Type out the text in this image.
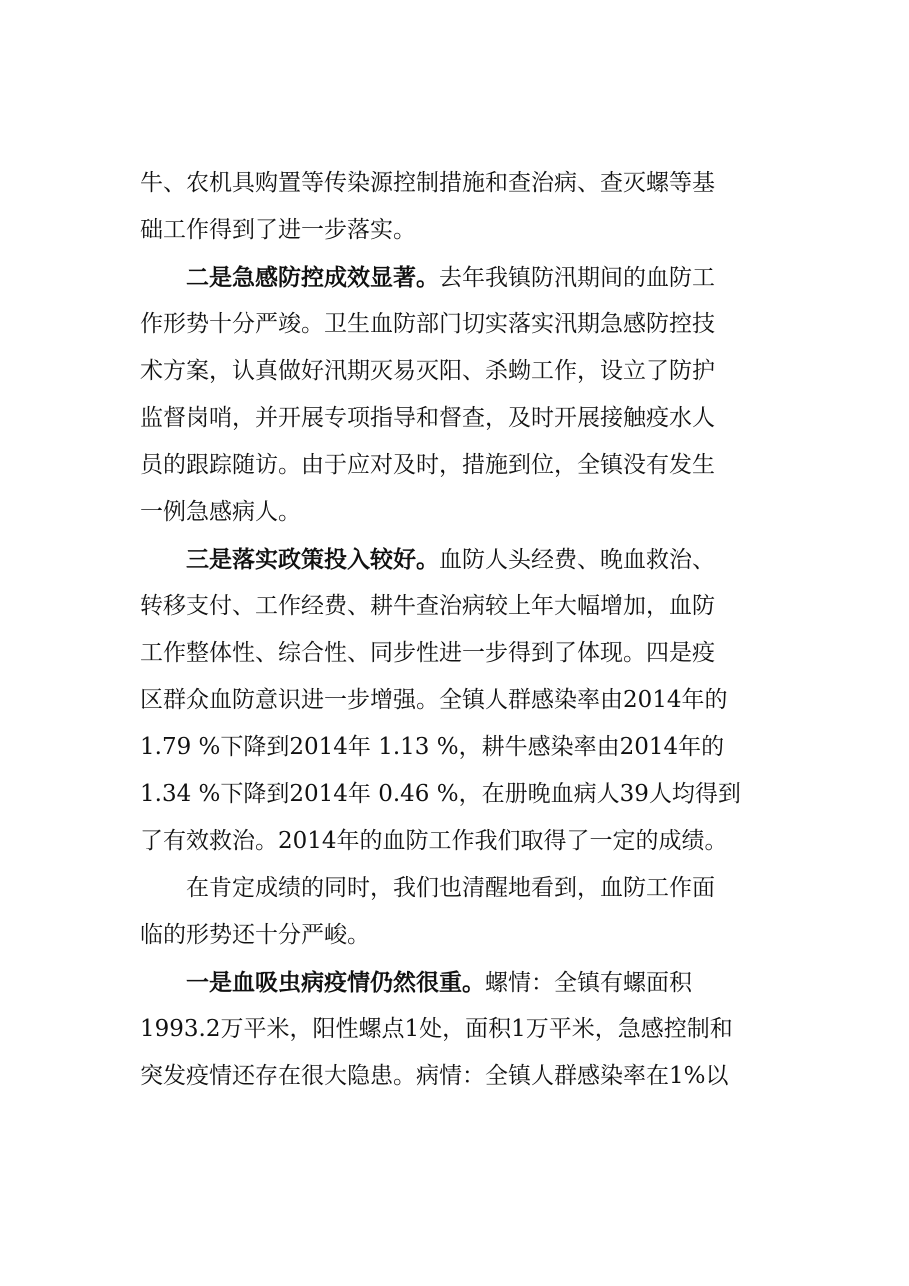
牛、农机具购置等传染源控制措施和查治病、查灭螺等基
础工作得到了进一步落实。
二是急感防控成效显著。去年我镇防汛期间的血防工
作形势十分严竣。卫生血防部门切实落实汛期急感防控技
术方案，认真做好汛期灭易灭阳、杀蚴工作，设立了防护
监督岗哨，并开展专项指导和督查，及时开展接触疫水人
员的跟踪随访。由于应对及时，措施到位，全镇没有发生
一例急感病人。
三是落实政策投入较好。血防人头经费、晚血救治、
转移支付、工作经费、耕牛查治病较上年大幅增加，血防
工作整体性、综合性、同步性进一步得到了体现。四是疫
区群众血防意识进一步增强。全镇人群感染率由2014年的
1.79 %下降到2014年 1.13 %，耕牛感染率由2014年的
1.34 %下降到2014年 0.46 %，在册晚血病人39人均得到
了有效救治。2014年的血防工作我们取得了一定的成绩。
在肯定成绩的同时，我们也清醒地看到，血防工作面
临的形势还十分严峻。
一是血吸虫病疫情仍然很重。螺情：全镇有螺面积
1993.2万平米，阳性螺点1处，面积1万平米，急感控制和
突发疫情还存在很大隐患。病情：全镇人群感染率在1%以
